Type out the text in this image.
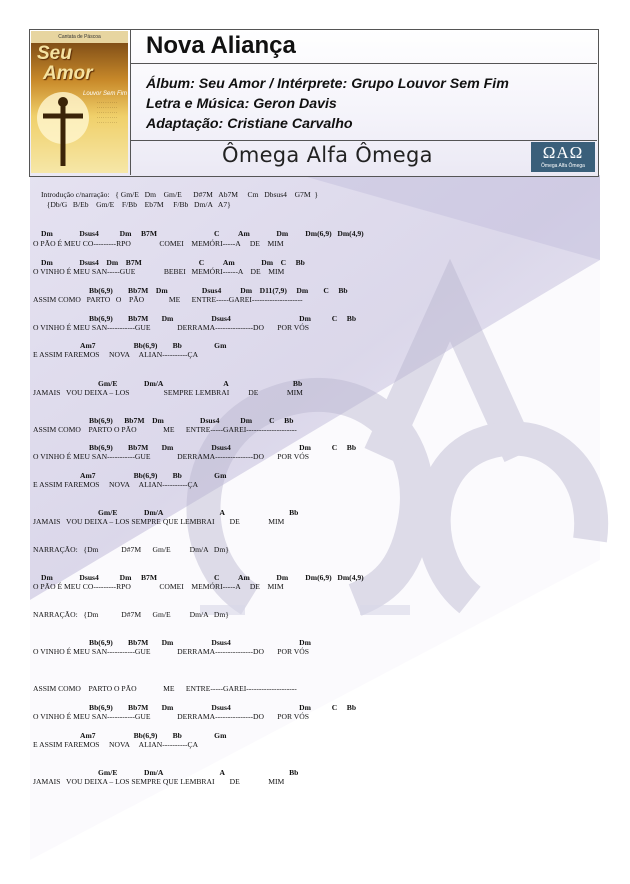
Cantata de Páscoa
Seu
Amor
Louvor Sem Fim
· · · · · · · · · ·
· · · · · · · · · ·
· · · · · · · · · ·
· · · · · · · · · ·
· · · · · · · · · ·
Nova Aliança
Álbum: Seu Amor / Intérprete: Grupo Louvor Sem Fim
Letra e Música: Geron Davis
Adaptação: Cristiane Carvalho
Ômega Alfa Ômega	ΩAΩ
Ômega Alfa Ômega
Introdução c/narração:   { Gm/E   Dm    Gm/E      D#7M   Ab7M     Cm   Dbsus4    G7M  }
{Db/G   B/Eb    Gm/E    F/Bb    Eb7M     F/Bb   Dm/A   A7}
Dm              Dsus4           Dm     B7M                              C          Am              Dm         Dm(6,9)   Dm(4,9)
O PÃO É MEU CO---------RPO               COMEI    MEMÓRI-----A     DE    MIM
Dm              Dsus4    Dm    B7M                              C          Am              Dm    C     Bb
O VINHO É MEU SAN-----GUE               BEBEI   MEMÓRI------A    DE    MIM
Bb(6,9)        Bb7M    Dm                  Dsus4          Dm    D11(7,9)     Dm        C     Bb
ASSIM COMO   PARTO   O    PÃO             ME      ENTRE-----GAREI--------------------
Bb(6,9)        Bb7M       Dm                    Dsus4                                    Dm           C     Bb
O VINHO É MEU SAN-----------GUE              DERRAMA---------------DO       POR VÓS
Am7                    Bb(6,9)        Bb                 Gm
E ASSIM FAREMOS     NOVA     ALIAN----------ÇA
Gm/E              Dm/A                                A                                  Bb
JAMAIS   VOU DEIXA – LOS                  SEMPRE LEMBRAI          DE               MIM
Bb(6,9)      Bb7M    Dm                   Dsus4           Dm         C     Bb
ASSIM COMO    PARTO O PÃO              ME      ENTRE-----GAREI--------------------
Bb(6,9)        Bb7M       Dm                    Dsus4                                    Dm           C     Bb
O VINHO É MEU SAN-----------GUE              DERRAMA---------------DO       POR VÓS
Am7                    Bb(6,9)        Bb                 Gm
E ASSIM FAREMOS     NOVA     ALIAN----------ÇA
Gm/E              Dm/A                              A                                  Bb
JAMAIS   VOU DEIXA – LOS SEMPRE QUE LEMBRAI        DE               MIM
NARRAÇÃO:   {Dm            D#7M      Gm/E          Dm/A   Dm}
Dm              Dsus4           Dm     B7M                              C          Am              Dm         Dm(6,9)   Dm(4,9)
O PÃO É MEU CO---------RPO               COMEI    MEMÓRI-----A     DE    MIM
NARRAÇÃO:   {Dm            D#7M      Gm/E          Dm/A   Dm}
Bb(6,9)        Bb7M       Dm                    Dsus4                                    Dm
O VINHO É MEU SAN-----------GUE              DERRAMA---------------DO       POR VÓS
ASSIM COMO    PARTO O PÃO              ME      ENTRE-----GAREI--------------------
Bb(6,9)        Bb7M       Dm                    Dsus4                                    Dm           C     Bb
O VINHO É MEU SAN-----------GUE              DERRAMA---------------DO       POR VÓS
Am7                    Bb(6,9)        Bb                 Gm
E ASSIM FAREMOS     NOVA     ALIAN----------ÇA
Gm/E              Dm/A                              A                                  Bb
JAMAIS   VOU DEIXA – LOS SEMPRE QUE LEMBRAI        DE               MIM
